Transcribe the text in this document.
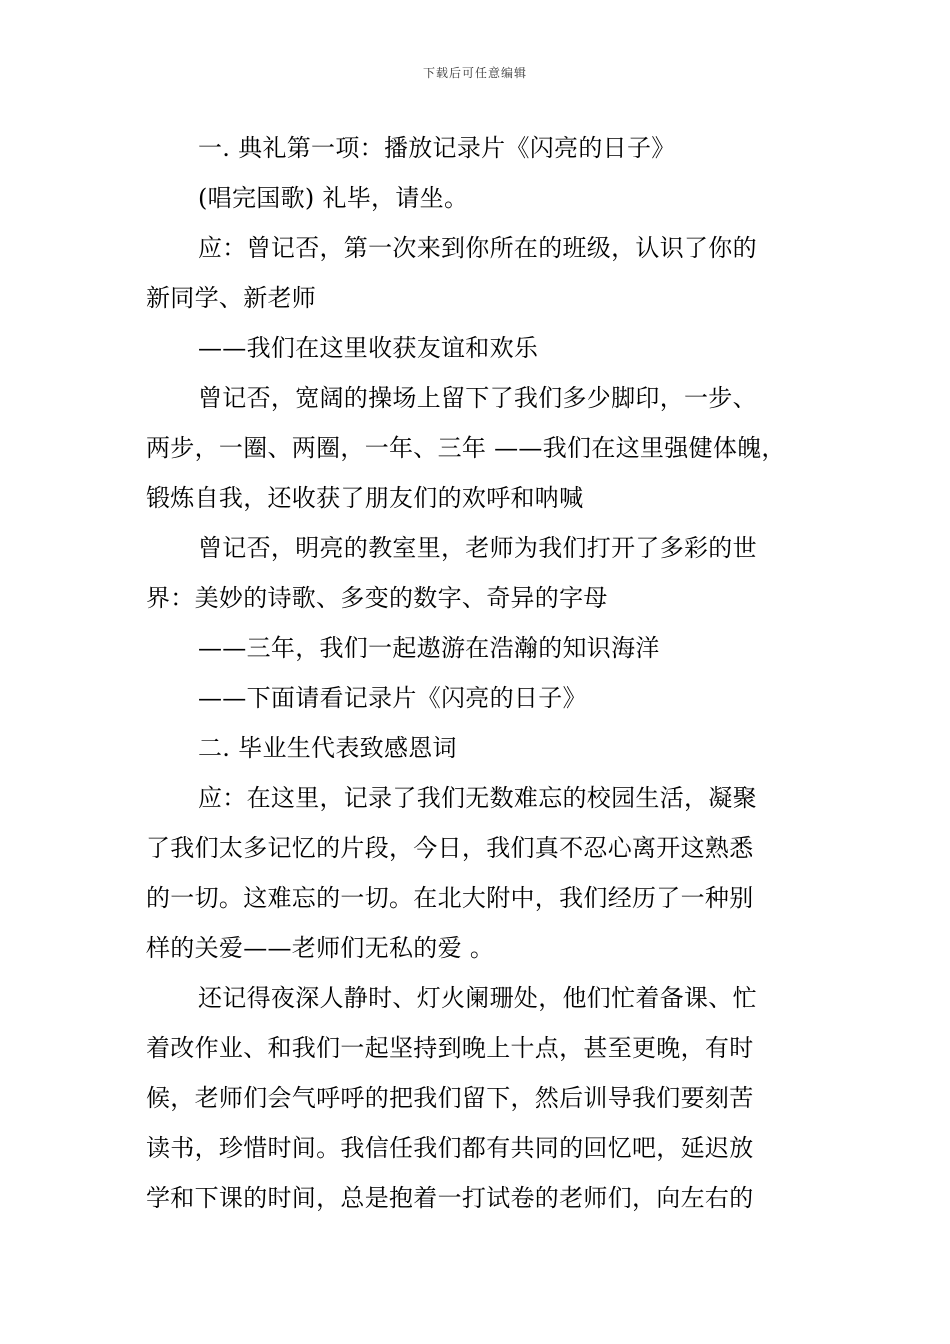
下载后可任意编辑
一. 典礼第一项：播放记录片《闪亮的日子》
(唱完国歌) 礼毕，请坐。
应：曾记否，第一次来到你所在的班级，认识了你的
新同学、新老师
——我们在这里收获友谊和欢乐
曾记否，宽阔的操场上留下了我们多少脚印，一步、
两步，一圈、两圈，一年、三年 ——我们在这里强健体魄，
锻炼自我，还收获了朋友们的欢呼和呐喊
曾记否，明亮的教室里，老师为我们打开了多彩的世
界：美妙的诗歌、多变的数字、奇异的字母
——三年，我们一起遨游在浩瀚的知识海洋
——下面请看记录片《闪亮的日子》
二. 毕业生代表致感恩词
应：在这里，记录了我们无数难忘的校园生活，凝聚
了我们太多记忆的片段，今日，我们真不忍心离开这熟悉
的一切。这难忘的一切。在北大附中，我们经历了一种别
样的关爱——老师们无私的爱 。
还记得夜深人静时、灯火阑珊处，他们忙着备课、忙
着改作业、和我们一起坚持到晚上十点，甚至更晚，有时
候，老师们会气呼呼的把我们留下，然后训导我们要刻苦
读书，珍惜时间。我信任我们都有共同的回忆吧，延迟放
学和下课的时间，总是抱着一打试卷的老师们，向左右的
